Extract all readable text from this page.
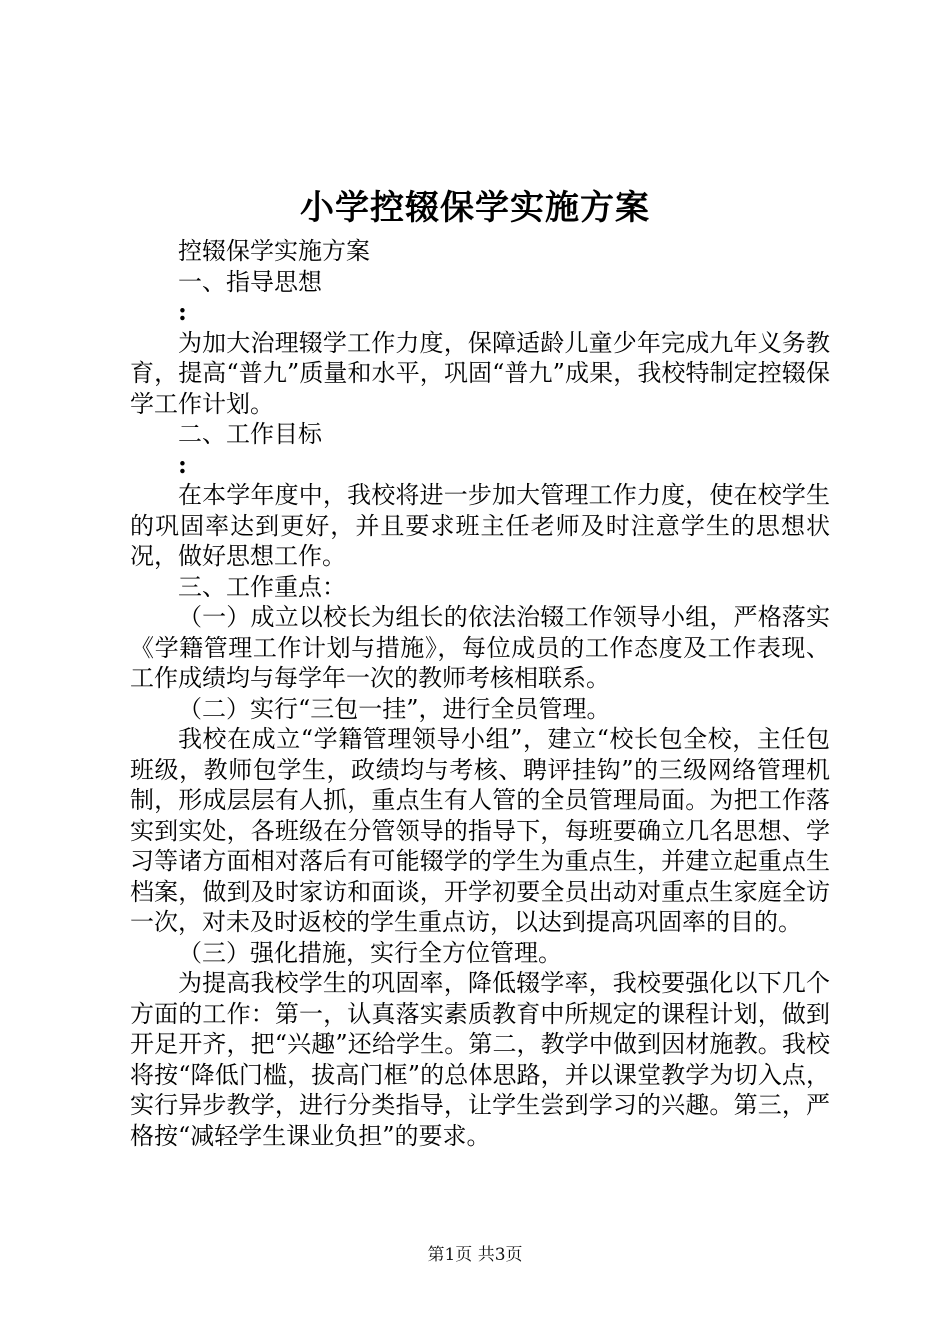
小学控辍保学实施方案

控辍保学实施方案

一、指导思想

:

为加大治理辍学工作力度，保障适龄儿童少年完成九年义务教育，提高“普九”质量和水平，巩固“普九”成果，我校特制定控辍保学工作计划。

二、工作目标

:

在本学年度中，我校将进一步加大管理工作力度，使在校学生的巩固率达到更好，并且要求班主任老师及时注意学生的思想状况，做好思想工作。

三、工作重点：

（一）成立以校长为组长的依法治辍工作领导小组，严格落实《学籍管理工作计划与措施》，每位成员的工作态度及工作表现、工作成绩均与每学年一次的教师考核相联系。

（二）实行“三包一挂”，进行全员管理。

我校在成立“学籍管理领导小组”，建立“校长包全校，主任包班级，教师包学生，政绩均与考核、聘评挂钩”的三级网络管理机制，形成层层有人抓，重点生有人管的全员管理局面。为把工作落实到实处，各班级在分管领导的指导下，每班要确立几名思想、学习等诸方面相对落后有可能辍学的学生为重点生，并建立起重点生档案，做到及时家访和面谈，开学初要全员出动对重点生家庭全访一次，对未及时返校的学生重点访，以达到提高巩固率的目的。

（三）强化措施，实行全方位管理。

为提高我校学生的巩固率，降低辍学率，我校要强化以下几个方面的工作：第一，认真落实素质教育中所规定的课程计划，做到开足开齐，把“兴趣”还给学生。第二，教学中做到因材施教。我校将按“降低门槛，拔高门框”的总体思路，并以课堂教学为切入点，实行异步教学，进行分类指导，让学生尝到学习的兴趣。第三，严格按“减轻学生课业负担”的要求。

第1页 共3页
